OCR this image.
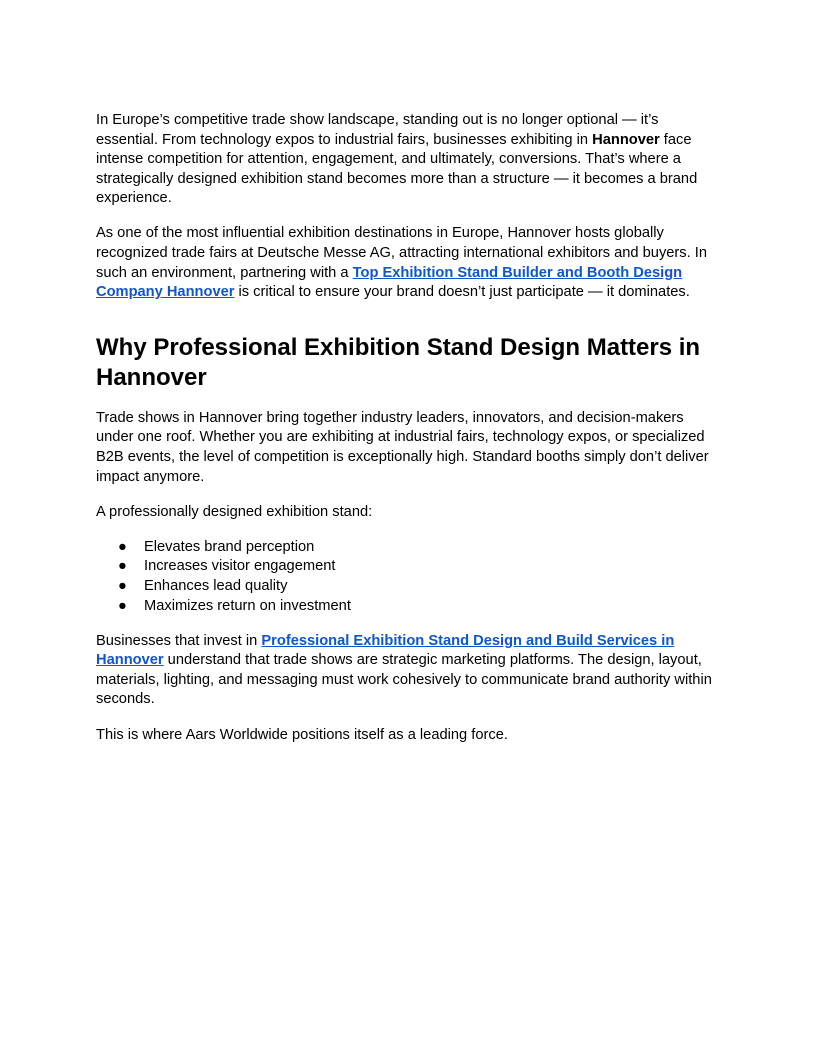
In Europe’s competitive trade show landscape, standing out is no longer optional — it’s essential. From technology expos to industrial fairs, businesses exhibiting in Hannover face intense competition for attention, engagement, and ultimately, conversions. That’s where a strategically designed exhibition stand becomes more than a structure — it becomes a brand experience.

As one of the most influential exhibition destinations in Europe, Hannover hosts globally recognized trade fairs at Deutsche Messe AG, attracting international exhibitors and buyers. In such an environment, partnering with a Top Exhibition Stand Builder and Booth Design Company Hannover is critical to ensure your brand doesn’t just participate — it dominates.

Why Professional Exhibition Stand Design Matters in Hannover

Trade shows in Hannover bring together industry leaders, innovators, and decision-makers under one roof. Whether you are exhibiting at industrial fairs, technology expos, or specialized B2B events, the level of competition is exceptionally high. Standard booths simply don’t deliver impact anymore.

A professionally designed exhibition stand:

● Elevates brand perception
● Increases visitor engagement
● Enhances lead quality
● Maximizes return on investment

Businesses that invest in Professional Exhibition Stand Design and Build Services in Hannover understand that trade shows are strategic marketing platforms. The design, layout, materials, lighting, and messaging must work cohesively to communicate brand authority within seconds.

This is where Aars Worldwide positions itself as a leading force.
